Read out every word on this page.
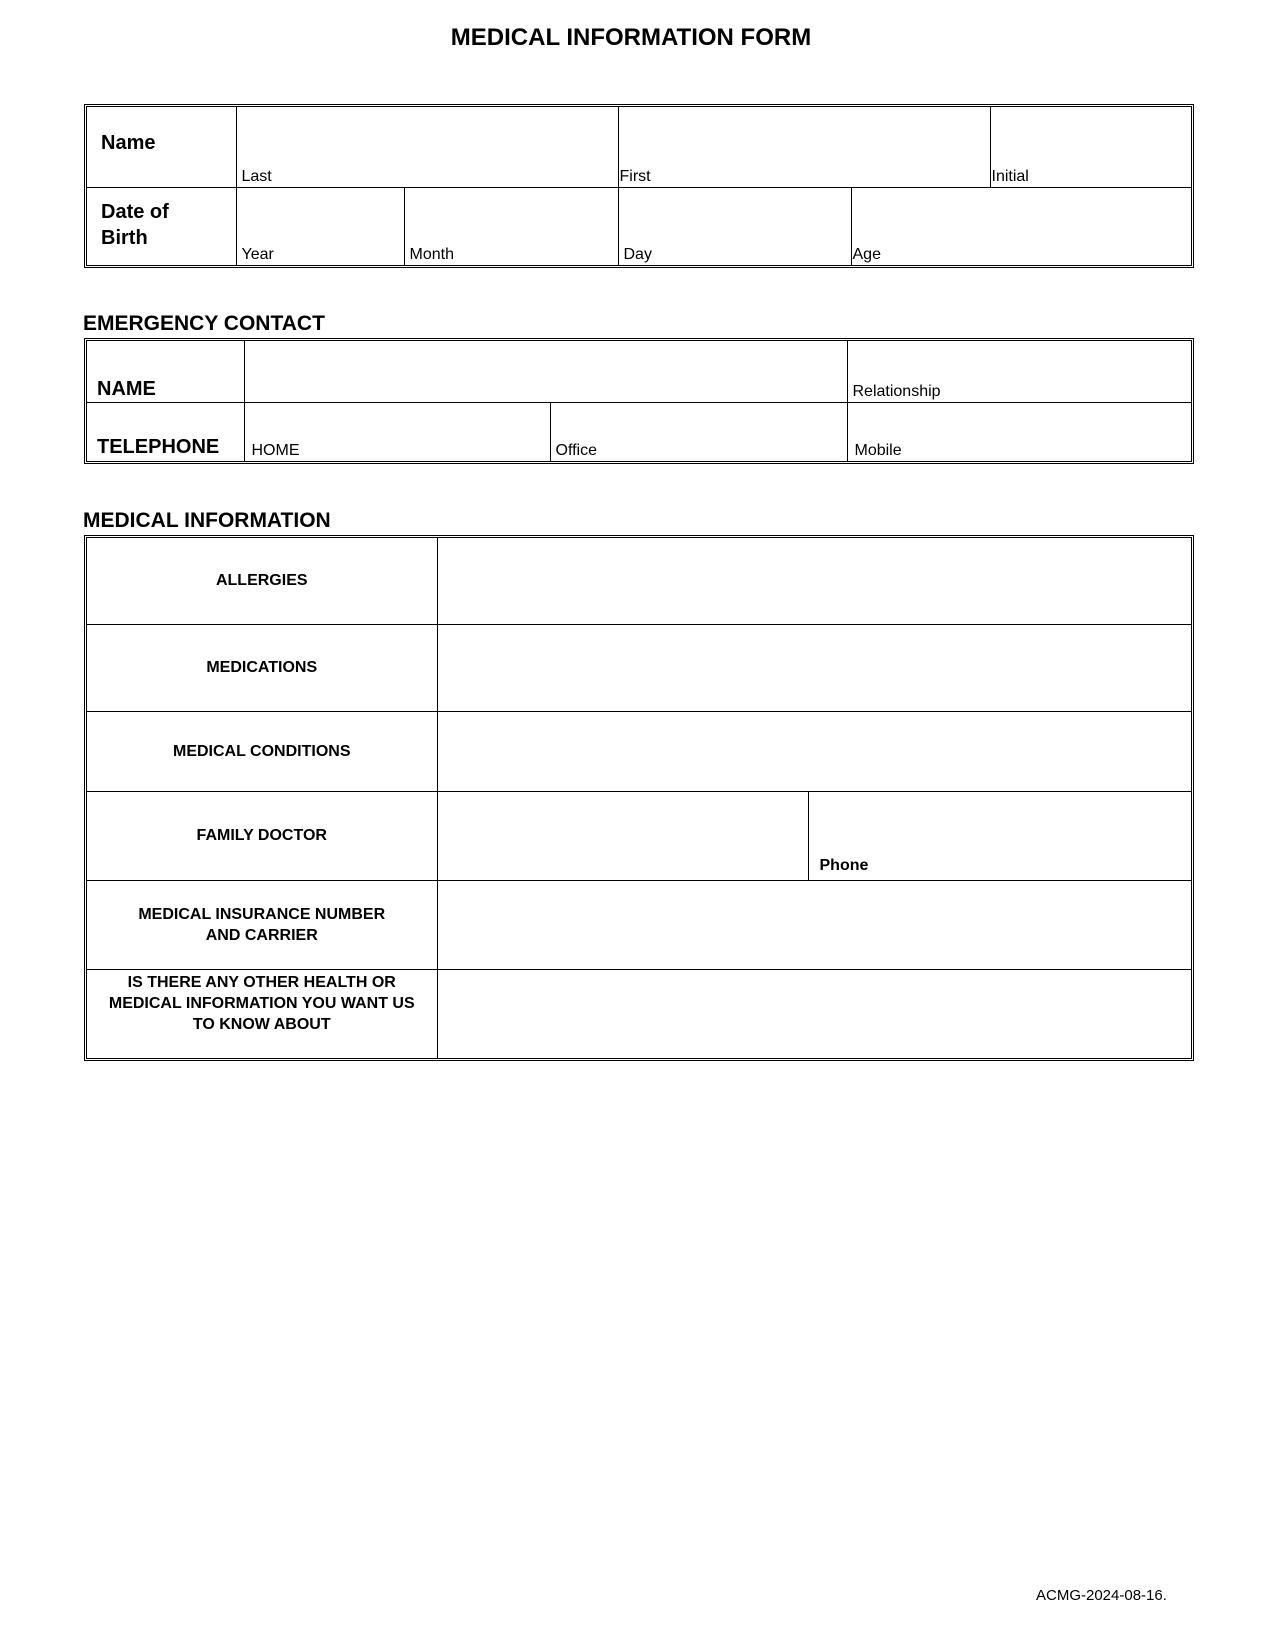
MEDICAL INFORMATION FORM
Name	Last		First		Initial

Date of
Birth	Year	Month	Day	Age	
EMERGENCY CONTACT
NAME			Relationship

TELEPHONE	HOME	Office	Mobile
MEDICAL INFORMATION
ALLERGIES		
MEDICATIONS		
MEDICAL CONDITIONS		
FAMILY DOCTOR		Phone

MEDICAL INSURANCE NUMBER
AND CARRIER		

IS THERE ANY OTHER HEALTH OR
MEDICAL INFORMATION YOU WANT US
TO KNOW ABOUT		

ACMG-2024-08-16.
